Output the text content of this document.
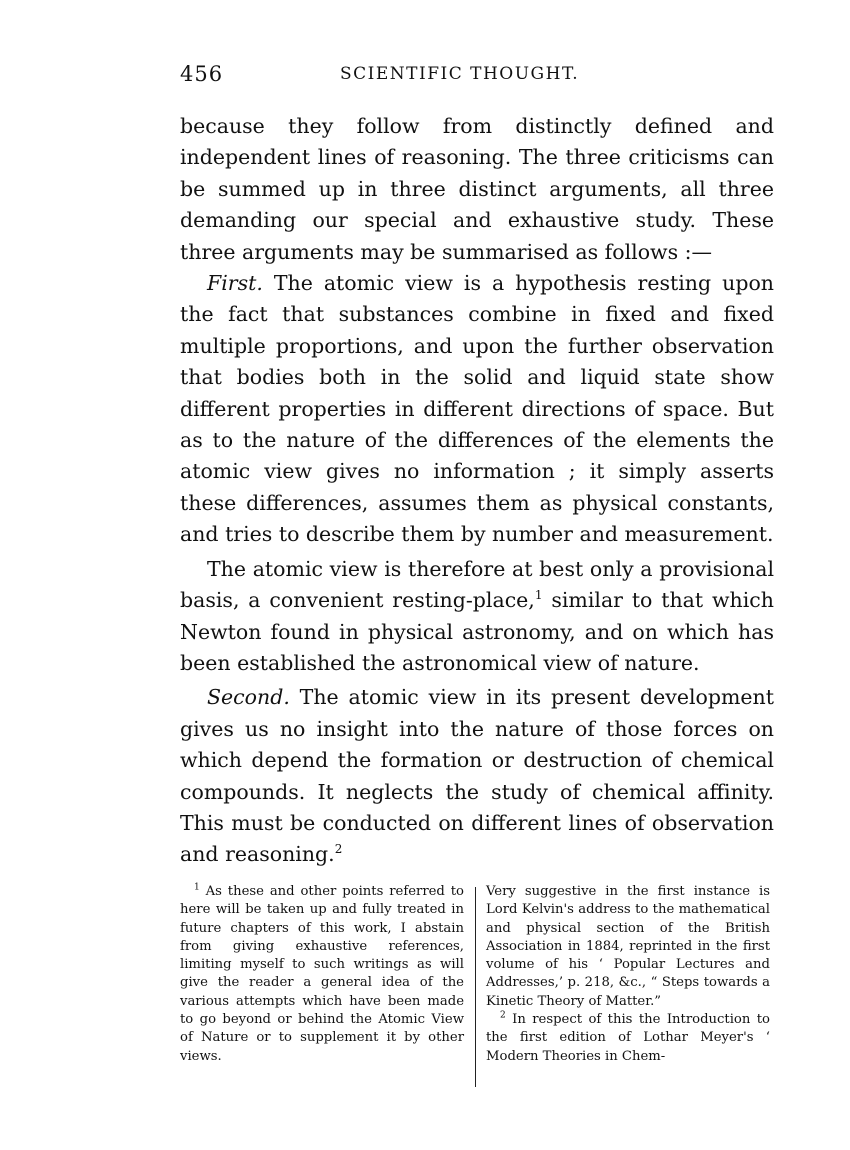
456	SCIENTIFIC THOUGHT.

because they follow from distinctly defined and independent lines of reasoning. The three criticisms can be summed up in three distinct arguments, all three demanding our special and exhaustive study. These three arguments may be summarised as follows :—

First. The atomic view is a hypothesis resting upon the fact that substances combine in fixed and fixed multiple proportions, and upon the further observation that bodies both in the solid and liquid state show different properties in different directions of space. But as to the nature of the differences of the elements the atomic view gives no information ; it simply asserts these differences, assumes them as physical constants, and tries to describe them by number and measurement.

The atomic view is therefore at best only a provisional basis, a convenient resting-place,$^1$ similar to that which Newton found in physical astronomy, and on which has been established the astronomical view of nature.

Second. The atomic view in its present development gives us no insight into the nature of those forces on which depend the formation or destruction of chemical compounds. It neglects the study of chemical affinity. This must be conducted on different lines of observation and reasoning.$^2$

$^1$ As these and other points referred to here will be taken up and fully treated in future chapters of this work, I abstain from giving exhaustive references, limiting myself to such writings as will give the reader a general idea of the various attempts which have been made to go beyond or behind the Atomic View of Nature or to supplement it by other views.

Very suggestive in the first instance is Lord Kelvin's address to the mathematical and physical section of the British Association in 1884, reprinted in the first volume of his ‘ Popular Lectures and Addresses,’ p. 218, &c., “ Steps towards a Kinetic Theory of Matter.”

$^2$ In respect of this the Introduction to the first edition of Lothar Meyer's ‘ Modern Theories in Chem-
